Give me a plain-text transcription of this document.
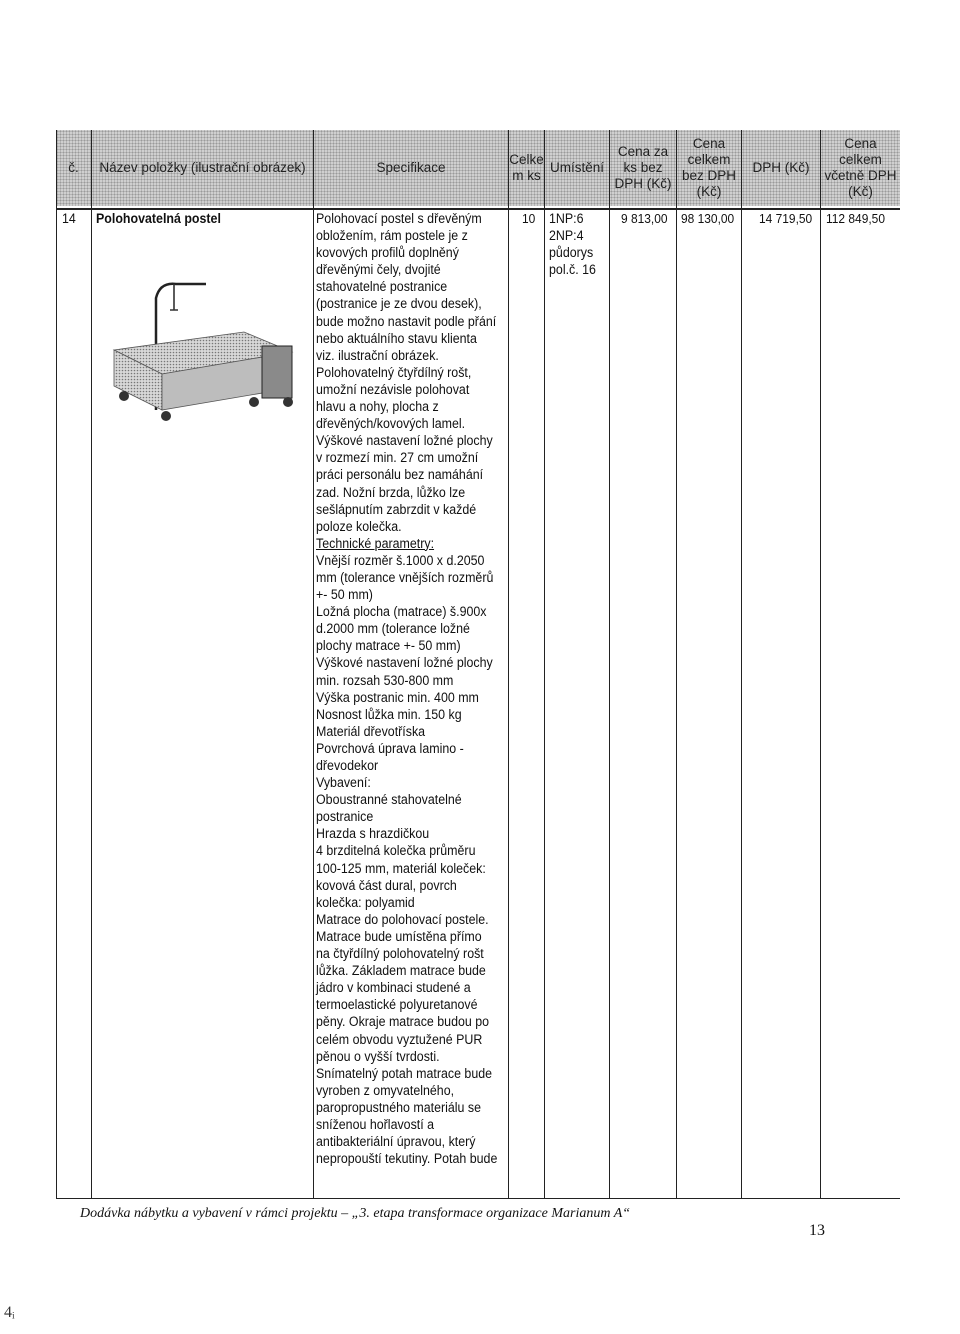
č. Název položky (ilustrační obrázek)	Specifikace
Celke m ks
Umístění
Cena za ks bez DPH (Kč)
Cena celkem bez DPH (Kč)
DPH (Kč)
Cena celkem včetně DPH (Kč)
14 Polohovatelná postel	Polohovací postel s dřevěným
obložením, rám postele je z
kovových profilů doplněný
dřevěnými čely, dvojité
stahovatelné postranice
(postranice je ze dvou desek),
bude možno nastavit podle přání
nebo aktuálního stavu klienta
viz. ilustrační obrázek.
Polohovatelný čtyřdílný rošt,
umožní nezávisle polohovat
hlavu a nohy, plocha z
dřevěných/kovových lamel.
Výškové nastavení ložné plochy
v rozmezí min. 27 cm umožní
práci personálu bez namáhání
zad. Nožní brzda, lůžko lze
sešlápnutím zabrzdit v každé
poloze kolečka.
Technické parametry:
Vnější rozměr š.1000 x d.2050
mm (tolerance vnějších rozměrů
+- 50 mm)
Ložná plocha (matrace) š.900x
d.2000 mm (tolerance ložné
plochy matrace +- 50 mm)
Výškové nastavení ložné plochy
min. rozsah 530-800 mm
Výška postranic min. 400 mm
Nosnost lůžka min. 150 kg
Materiál dřevotříska
Povrchová úprava lamino -
dřevodekor
Vybavení:
Oboustranné stahovatelné
postranice
Hrazda s hrazdičkou
4 brzditelná kolečka průměru
100-125 mm, materiál koleček:
kovová část dural, povrch
kolečka: polyamid
Matrace do polohovací postele.
Matrace bude umístěna přímo
na čtyřdílný polohovatelný rošt
lůžka. Základem matrace bude
jádro v kombinaci studené a
termoelastické polyuretanové
pěny. Okraje matrace budou po
celém obvodu vyztužené PUR
pěnou o vyšší tvrdosti.
Snímatelný potah matrace bude
vyroben z omyvatelného,
paropropustného materiálu se
sníženou hořlavostí a
antibakteriální úpravou, který
nepropouští tekutiny. Potah bude
10 1NP:6
2NP:4
půdorys
pol.č. 16
9 813,00 98 130,00 14 719,50 112 849,50
Dodávka nábytku a vybavení v rámci projektu – „3. etapa transformace organizace Marianum A“
13
4ᵢ
